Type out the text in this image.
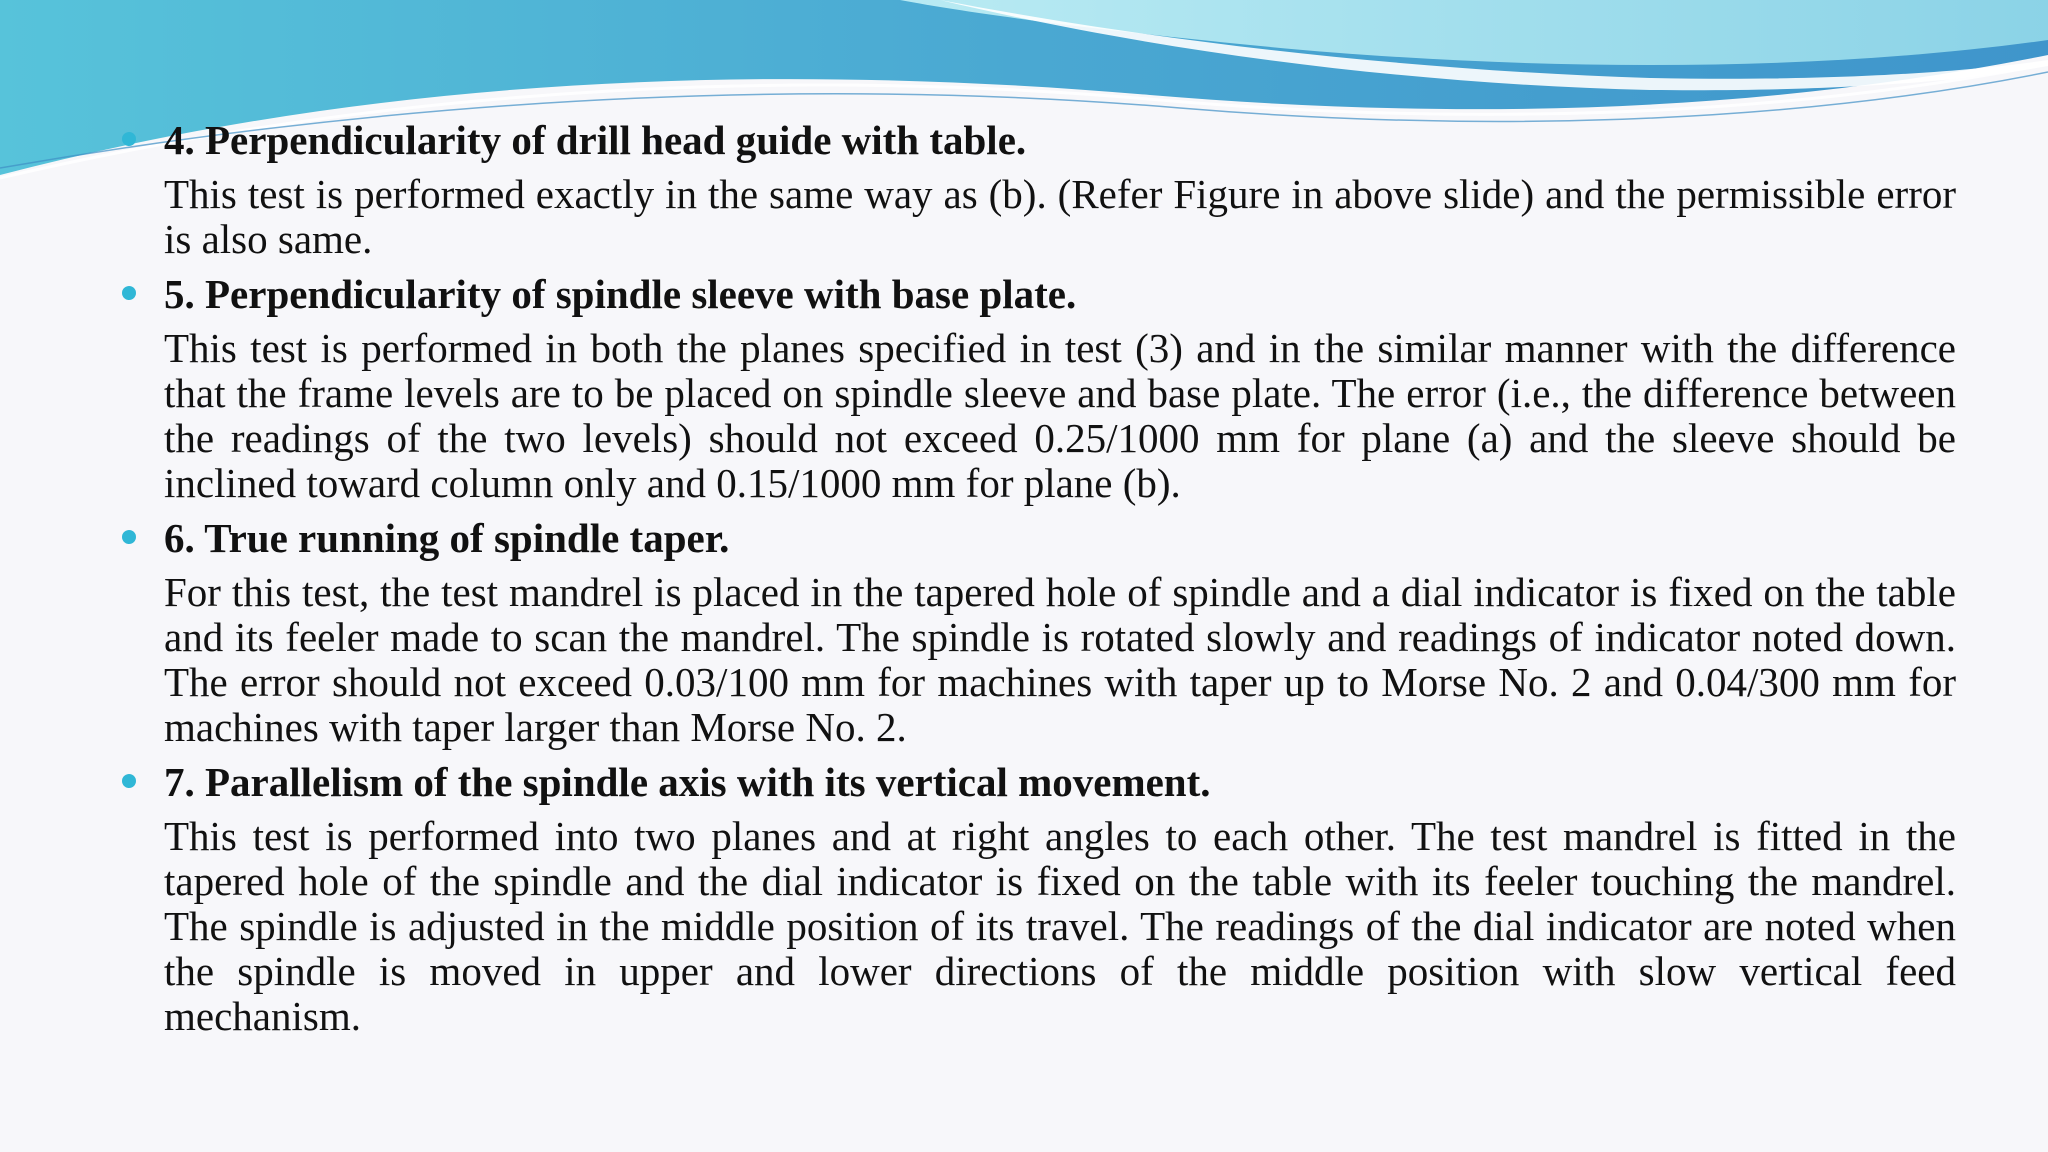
4. Perpendicularity of drill head guide with table.

This test is performed exactly in the same way as (b). (Refer Figure in above slide) and the permissible error is also same.

5. Perpendicularity of spindle sleeve with base plate.

This test is performed in both the planes specified in test (3) and in the similar manner with the difference that the frame levels are to be placed on spindle sleeve and base plate. The error (i.e., the difference between the readings of the two levels) should not exceed 0.25/1000 mm for plane (a) and the sleeve should be inclined toward column only and 0.15/1000 mm for plane (b).

6. True running of spindle taper.

For this test, the test mandrel is placed in the tapered hole of spindle and a dial indicator is fixed on the table and its feeler made to scan the mandrel. The spindle is rotated slowly and readings of indicator noted down. The error should not exceed 0.03/100 mm for machines with taper up to Morse No. 2 and 0.04/300 mm for machines with taper larger than Morse No. 2.

7. Parallelism of the spindle axis with its vertical movement.

This test is performed into two planes and at right angles to each other. The test mandrel is fitted in the tapered hole of the spindle and the dial indicator is fixed on the table with its feeler touching the mandrel. The spindle is adjusted in the middle position of its travel. The readings of the dial indicator are noted when the spindle is moved in upper and lower directions of the middle position with slow vertical feed mechanism.
